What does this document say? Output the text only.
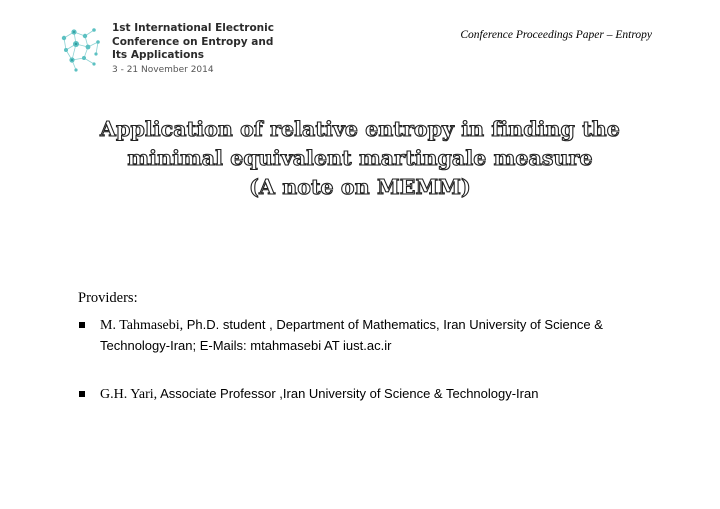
1st International Electronic
Conference on Entropy and
Its Applications
3 - 21 November 2014
Conference Proceedings Paper – Entropy
Application of relative entropy in finding the
minimal equivalent martingale measure
(A note on MEMM)
Providers:
M. Tahmasebi, Ph.D. student , Department of Mathematics, Iran University of Science & Technology-Iran; E-Mails: mtahmasebi AT iust.ac.ir
G.H. Yari, Associate Professor ,Iran University of Science & Technology-Iran
